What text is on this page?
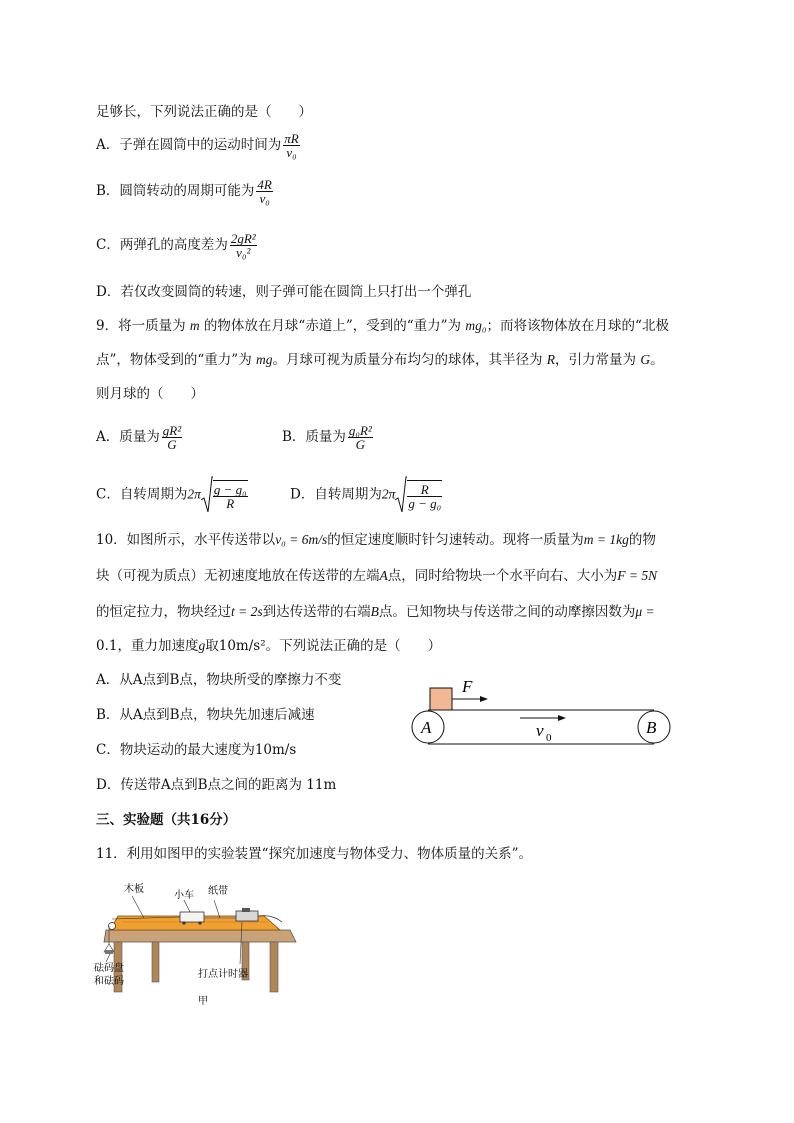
足够长，下列说法正确的是（　　）
A．子弹在圆筒中的运动时间为 $\frac{\pi R}{\text{v₀}}$
B．圆筒转动的周期可能为 $\frac{4R}{\text{v₀}}$
C．两弹孔的高度差为 $\frac{\text{2gR²}}{\text{v₀²}}$
D．若仅改变圆筒的转速，则子弹可能在圆筒上只打出一个弹孔
9．将一质量为 m 的物体放在月球“赤道上”，受到的“重力”为 mg₀；而将该物体放在月球的“北极
点”，物体受到的“重力”为 mg。月球可视为质量分布均匀的球体，其半径为 R，引力常量为 G。
则月球的（　　）
A．质量为 $\frac{\text{gR²}}{G}$	B．质量为 $\frac{\text{g₀R²}}{G}$
C．自转周期为$2\pi \frac{\text{g − g₀}}{R}$	D．自转周期为$2\pi \frac{R}{\text{g − g₀}}$
10．如图所示，水平传送带以v₀ = 6m/s的恒定速度顺时针匀速转动。现将一质量为m = 1kg的物
块（可视为质点）无初速度地放在传送带的左端A点，同时给物块一个水平向右、大小为F = 5N
的恒定拉力，物块经过t = 2s到达传送带的右端B点。已知物块与传送带之间的动摩擦因数为μ =
0.1，重力加速度g取10m/s²。下列说法正确的是（　　）
A．从A点到B点，物块所受的摩擦力不变
B．从A点到B点，物块先加速后减速
C．物块运动的最大速度为10m/s
D．传送带A点到B点之间的距离为 11m
F
A	B
v 0
三、实验题（共16分）
11．利用如图甲的实验装置“探究加速度与物体受力、物体质量的关系”。
木板
小车 纸带
砝码盘
和砝码
打点计时器
甲
